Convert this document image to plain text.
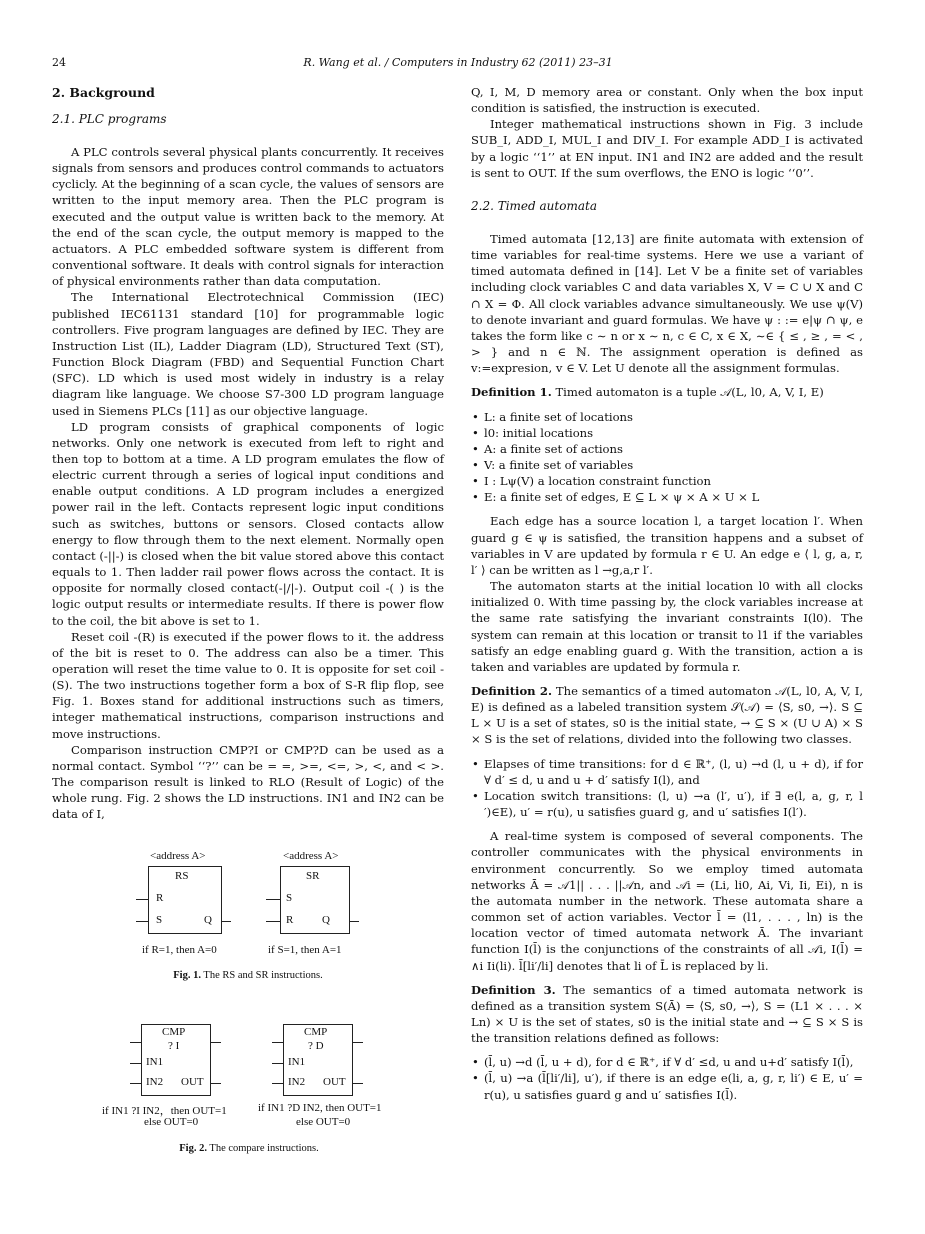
24	R. Wang et al. / Computers in Industry 62 (2011) 23–31
2. Background
2.1. PLC programs

A PLC controls several physical plants concurrently. It receives signals from sensors and produces control commands to actuators cyclicly. At the beginning of a scan cycle, the values of sensors are written to the input memory area. Then the PLC program is executed and the output value is written back to the memory. At the end of the scan cycle, the output memory is mapped to the actuators. A PLC embedded software system is different from conventional software. It deals with control signals for interaction of physical environments rather than data computation.

The International Electrotechnical Commission (IEC) published IEC61131 standard [10] for programmable logic controllers. Five program languages are defined by IEC. They are Instruction List (IL), Ladder Diagram (LD), Structured Text (ST), Function Block Diagram (FBD) and Sequential Function Chart (SFC). LD which is used most widely in industry is a relay diagram like language. We choose S7-300 LD program language used in Siemens PLCs [11] as our objective language.

LD program consists of graphical components of logic networks. Only one network is executed from left to right and then top to bottom at a time. A LD program emulates the flow of electric current through a series of logical input conditions and enable output conditions. A LD program includes a energized power rail in the left. Contacts represent logic input conditions such as switches, buttons or sensors. Closed contacts allow energy to flow through them to the next element. Normally open contact (-||-) is closed when the bit value stored above this contact equals to 1. Then ladder rail power flows across the contact. It is opposite for normally closed contact(-|/|-). Output coil -( ) is the logic output results or intermediate results. If there is power flow to the coil, the bit above is set to 1.

Reset coil -(R) is executed if the power flows to it. the address of the bit is reset to 0. The address can also be a timer. This operation will reset the time value to 0. It is opposite for set coil -(S). The two instructions together form a box of S-R flip flop, see Fig. 1. Boxes stand for additional instructions such as timers, integer mathematical instructions, comparison instructions and move instructions.

Comparison instruction CMP?I or CMP?D can be used as a normal contact. Symbol ‘‘?’’ can be = =, >=, <=, >, <, and < >. The comparison result is linked to RLO (Result of Logic) of the whole rung. Fig. 2 shows the LD instructions. IN1 and IN2 can be data of I,

<address A>	<address A>
RS
R
S	Q
SR
S
R	Q
if R=1, then A=0	if S=1, then A=1
Fig. 1. The RS and SR instructions.
CMP
? I
IN1
IN2 OUT
CMP
? D
IN1
IN2 OUT
if IN1 ?I IN2，then OUT=1
else OUT=0
if IN1 ?D IN2, then OUT=1
else OUT=0
Fig. 2. The compare instructions.

Q, I, M, D memory area or constant. Only when the box input condition is satisfied, the instruction is executed.

Integer mathematical instructions shown in Fig. 3 include SUB_I, ADD_I, MUL_I and DIV_I. For example ADD_I is activated by a logic ‘‘1’’ at EN input. IN1 and IN2 are added and the result is sent to OUT. If the sum overflows, the ENO is logic ‘‘0’’.

2.2. Timed automata

Timed automata [12,13] are finite automata with extension of time variables for real-time systems. Here we use a variant of timed automata defined in [14]. Let V be a finite set of variables including clock variables C and data variables X, V = C ∪ X and C ∩ X = Φ. All clock variables advance simultaneously. We use ψ(V) to denote invariant and guard formulas. We have ψ : := e|ψ ∩ ψ, e takes the form like c ∼ n or x ∼ n, c ∈ C, x ∈ X, ∼∈ { ≤ , ≥ , = < , > } and n ∈ ℕ. The assignment operation is defined as v:=expresion, v ∈ V. Let U denote all the assignment formulas.

Definition 1. Timed automaton is a tuple 𝒜(L, l0, A, V, I, E)

• L: a finite set of locations
• l0: initial locations
• A: a finite set of actions
• V: a finite set of variables
• I : Lψ(V) a location constraint function
• E: a finite set of edges, E ⊆ L × ψ × A × U × L

Each edge has a source location l, a target location l′. When guard g ∈ ψ is satisfied, the transition happens and a subset of variables in V are updated by formula r ∈ U. An edge e ⟨ l, g, a, r, l′ ⟩ can be written as l →g,a,r l′.

The automaton starts at the initial location l0 with all clocks initialized 0. With time passing by, the clock variables increase at the same rate satisfying the invariant constraints I(l0). The system can remain at this location or transit to l1 if the variables satisfy an edge enabling guard g. With the transition, action a is taken and variables are updated by formula r.

Definition 2. The semantics of a timed automaton 𝒜(L, l0, A, V, I, E) is defined as a labeled transition system 𝒮(𝒜) = ⟨S, s0, →⟩. S ⊆ L × U is a set of states, s0 is the initial state, → ⊆ S × (U ∪ A) × S × S is the set of relations, divided into the following two classes.

• Elapses of time transitions: for d ∈ ℝ⁺, (l, u) →d (l, u + d), if for ∀ d′ ≤ d, u and u + d′ satisfy I(l), and
• Location switch transitions: (l, u) →a (l′, u′), if ∃ e(l, a, g, r, l ′)∈E), u′ = r(u), u satisfies guard g, and u′ satisfies I(l′).

A real-time system is composed of several components. The controller communicates with the physical environments in environment concurrently. So we employ timed automata networks Ā = 𝒜1|| . . . ||𝒜n, and 𝒜i = (Li, li0, Ai, Vi, Ii, Ei), n is the automata number in the network. These automata share a common set of action variables. Vector l̄ = (l1, . . . , ln) is the location vector of timed automata network Ā. The invariant function I(l̄) is the conjunctions of the constraints of all 𝒜i, I(l̄) = ∧i Ii(li). l̄[li′/li] denotes that li of L̄ is replaced by li.

Definition 3. The semantics of a timed automata network is defined as a transition system S(Ā) = ⟨S, s0, →⟩, S = (L1 × . . . × Ln) × U is the set of states, s0 is the initial state and → ⊆ S × S is the transition relations defined as follows:

• (l̄, u) →d (l̄, u + d), for d ∈ ℝ⁺, if ∀ d′ ≤d, u and u+d′ satisfy I(l̄),
• (l̄, u) →a (l̄[li′/li], u′), if there is an edge e(li, a, g, r, li′) ∈ E, u′ = r(u), u satisfies guard g and u′ satisfies I(l̄).
